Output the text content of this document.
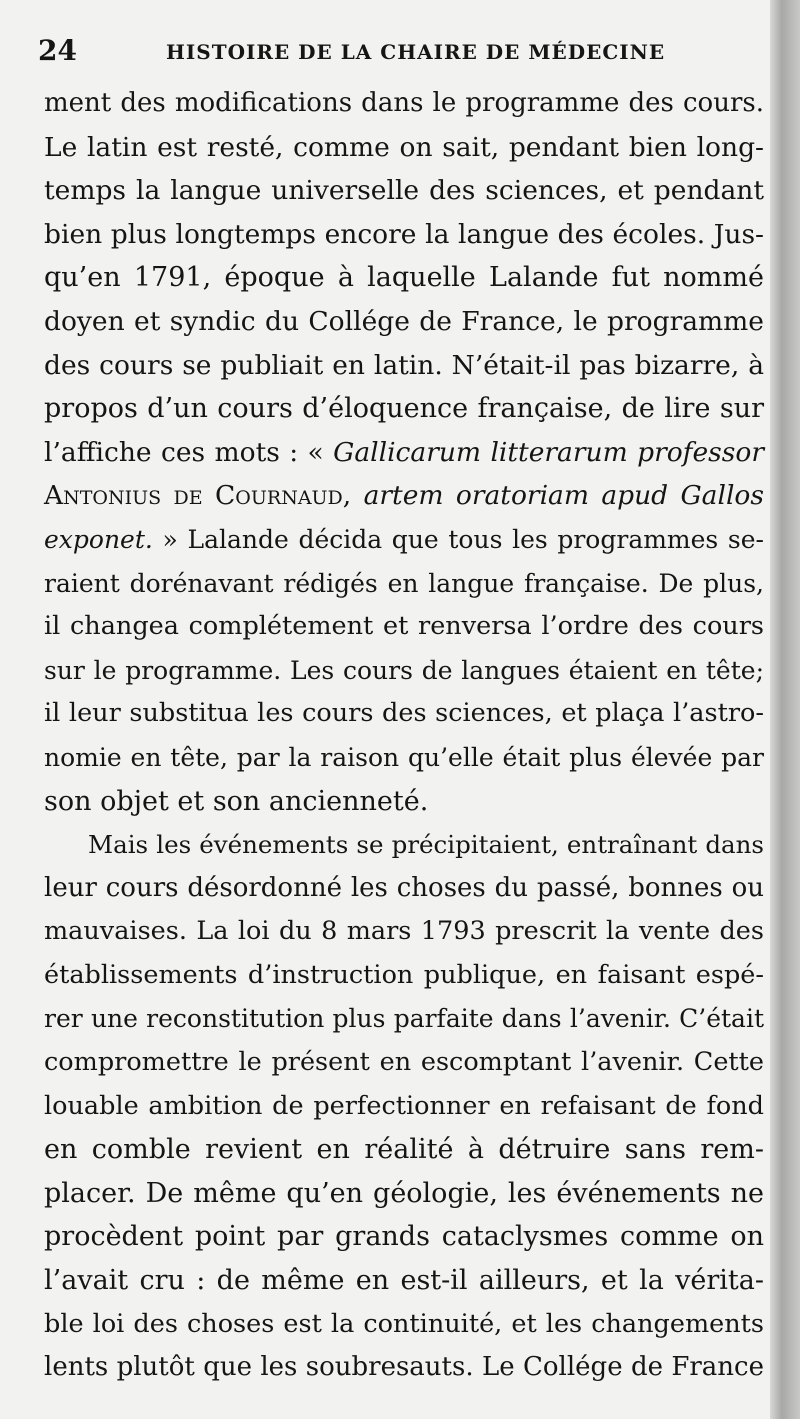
24	HISTOIRE DE LA CHAIRE DE MÉDECINE
ment des modifications dans le programme des cours.
Le latin est resté, comme on sait, pendant bien long-
temps la langue universelle des sciences, et pendant
bien plus longtemps encore la langue des écoles. Jus-
qu’en 1791, époque à laquelle Lalande fut nommé
doyen et syndic du Collége de France, le programme
des cours se publiait en latin. N’était-il pas bizarre, à
propos d’un cours d’éloquence française, de lire sur
l’affiche ces mots : « Gallicarum litterarum professor
Antonius de Cournaud, artem oratoriam apud Gallos
exponet. » Lalande décida que tous les programmes se-
raient dorénavant rédigés en langue française. De plus,
il changea complétement et renversa l’ordre des cours
sur le programme. Les cours de langues étaient en tête;
il leur substitua les cours des sciences, et plaça l’astro-
nomie en tête, par la raison qu’elle était plus élevée par
son objet et son ancienneté.
Mais les événements se précipitaient, entraînant dans
leur cours désordonné les choses du passé, bonnes ou
mauvaises. La loi du 8 mars 1793 prescrit la vente des
établissements d’instruction publique, en faisant espé-
rer une reconstitution plus parfaite dans l’avenir. C’était
compromettre le présent en escomptant l’avenir. Cette
louable ambition de perfectionner en refaisant de fond
en comble revient en réalité à détruire sans rem-
placer. De même qu’en géologie, les événements ne
procèdent point par grands cataclysmes comme on
l’avait cru : de même en est-il ailleurs, et la vérita-
ble loi des choses est la continuité, et les changements
lents plutôt que les soubresauts. Le Collége de France
